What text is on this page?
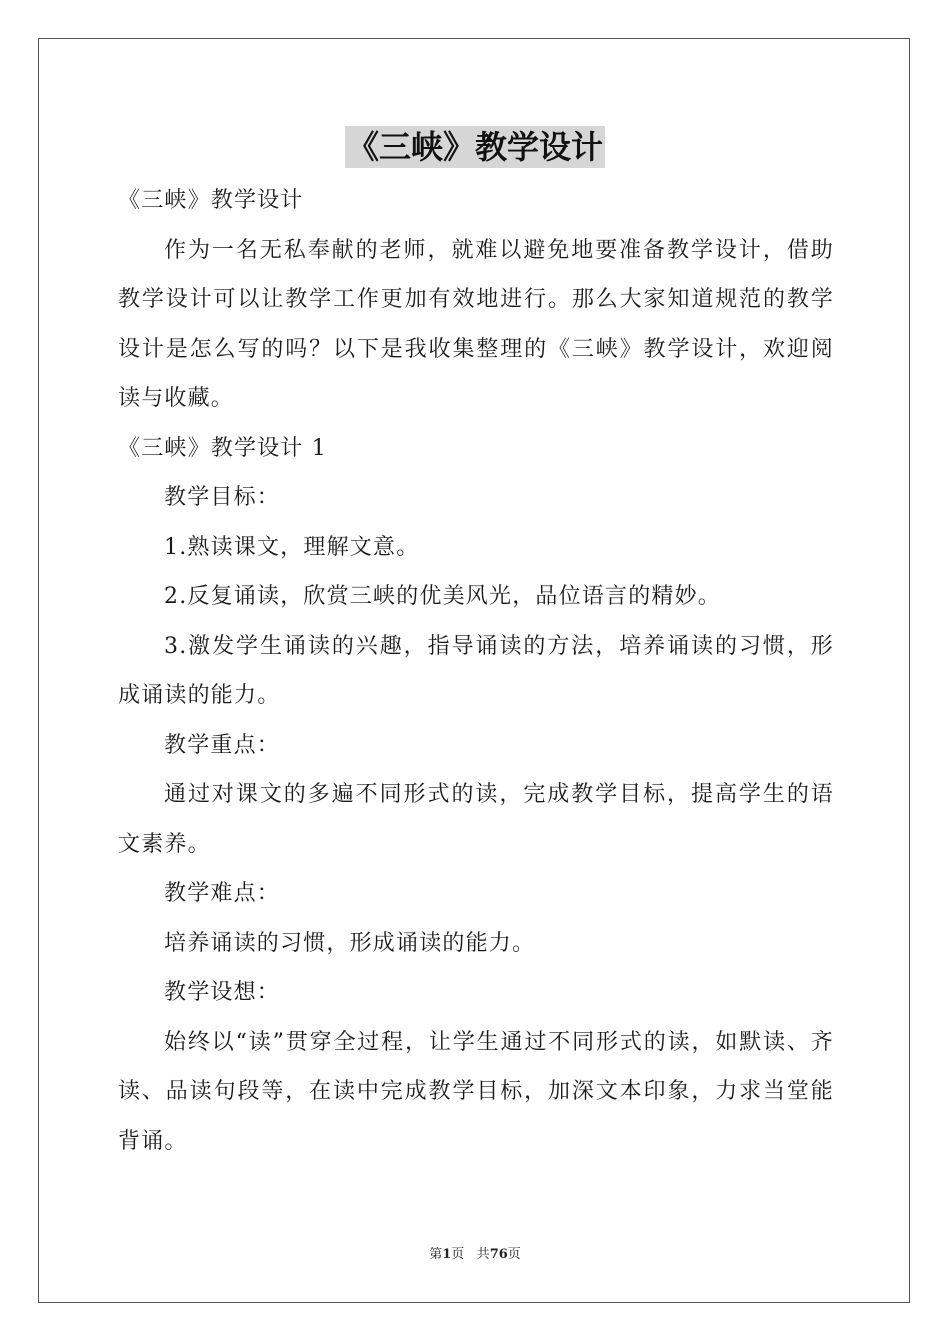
《三峡》教学设计

《三峡》教学设计

作为一名无私奉献的老师，就难以避免地要准备教学设计，借助教学设计可以让教学工作更加有效地进行。那么大家知道规范的教学设计是怎么写的吗？以下是我收集整理的《三峡》教学设计，欢迎阅读与收藏。

《三峡》教学设计 1

教学目标：

1.熟读课文，理解文意。

2.反复诵读，欣赏三峡的优美风光，品位语言的精妙。

3.激发学生诵读的兴趣，指导诵读的方法，培养诵读的习惯，形成诵读的能力。

教学重点：

通过对课文的多遍不同形式的读，完成教学目标，提高学生的语文素养。

教学难点：

培养诵读的习惯，形成诵读的能力。

教学设想：

始终以“读”贯穿全过程，让学生通过不同形式的读，如默读、齐读、品读句段等，在读中完成教学目标，加深文本印象，力求当堂能背诵。

第1页 共76页
